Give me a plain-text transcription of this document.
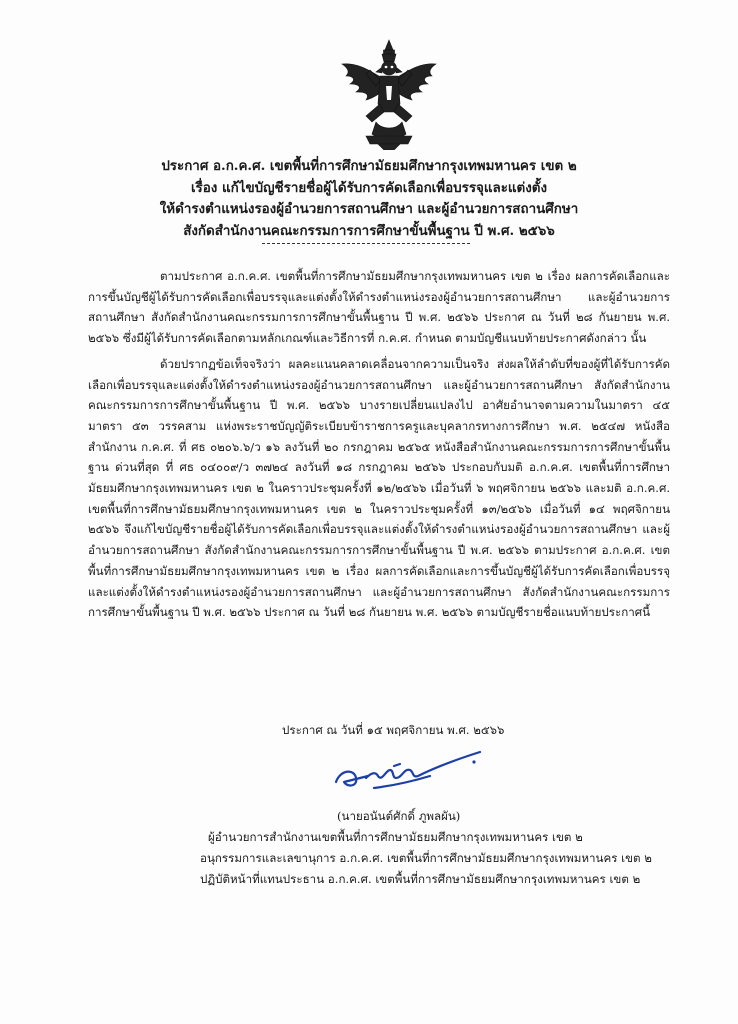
ประกาศ อ.ก.ค.ศ. เขตพื้นที่การศึกษามัธยมศึกษากรุงเทพมหานคร เขต ๒
เรื่อง แก้ไขบัญชีรายชื่อผู้ได้รับการคัดเลือกเพื่อบรรจุและแต่งตั้ง
ให้ดำรงตำแหน่งรองผู้อำนวยการสถานศึกษา และผู้อำนวยการสถานศึกษา
สังกัดสำนักงานคณะกรรมการการศึกษาขั้นพื้นฐาน ปี พ.ศ. ๒๕๖๖

ตามประกาศ อ.ก.ค.ศ. เขตพื้นที่การศึกษามัธยมศึกษากรุงเทพมหานคร เขต ๒ เรื่อง ผลการคัดเลือกและการขึ้นบัญชีผู้ได้รับการคัดเลือกเพื่อบรรจุและแต่งตั้งให้ดำรงตำแหน่งรองผู้อำนวยการสถานศึกษา และผู้อำนวยการสถานศึกษา สังกัดสำนักงานคณะกรรมการการศึกษาขั้นพื้นฐาน ปี พ.ศ. ๒๕๖๖ ประกาศ ณ วันที่ ๒๘ กันยายน พ.ศ. ๒๕๖๖ ซึ่งมีผู้ได้รับการคัดเลือกตามหลักเกณฑ์และวิธีการที่ ก.ค.ศ. กำหนด ตามบัญชีแนบท้ายประกาศดังกล่าว นั้น

ด้วยปรากฏข้อเท็จจริงว่า ผลคะแนนคลาดเคลื่อนจากความเป็นจริง ส่งผลให้ลำดับที่ของผู้ที่ได้รับการคัดเลือกเพื่อบรรจุและแต่งตั้งให้ดำรงตำแหน่งรองผู้อำนวยการสถานศึกษา และผู้อำนวยการสถานศึกษา สังกัดสำนักงานคณะกรรมการการศึกษาขั้นพื้นฐาน ปี พ.ศ. ๒๕๖๖ บางรายเปลี่ยนแปลงไป อาศัยอำนาจตามความในมาตรา ๔๕ มาตรา ๕๓ วรรคสาม แห่งพระราชบัญญัติระเบียบข้าราชการครูและบุคลากรทางการศึกษา พ.ศ. ๒๕๔๗ หนังสือสำนักงาน ก.ค.ศ. ที่ ศธ ๐๒๐๖.๖/ว ๑๖ ลงวันที่ ๒๐ กรกฎาคม ๒๕๖๕ หนังสือสำนักงานคณะกรรมการการศึกษาขั้นพื้นฐาน ด่วนที่สุด ที่ ศธ ๐๔๐๐๙/ว ๓๗๒๔ ลงวันที่ ๑๘ กรกฎาคม ๒๕๖๖ ประกอบกับมติ อ.ก.ค.ศ. เขตพื้นที่การศึกษามัธยมศึกษากรุงเทพมหานคร เขต ๒ ในคราวประชุมครั้งที่ ๑๒/๒๕๖๖ เมื่อวันที่ ๖ พฤศจิกายน ๒๕๖๖ และมติ อ.ก.ค.ศ. เขตพื้นที่การศึกษามัธยมศึกษากรุงเทพมหานคร เขต ๒ ในคราวประชุมครั้งที่ ๑๓/๒๕๖๖ เมื่อวันที่ ๑๔ พฤศจิกายน ๒๕๖๖ จึงแก้ไขบัญชีรายชื่อผู้ได้รับการคัดเลือกเพื่อบรรจุและแต่งตั้งให้ดำรงตำแหน่งรองผู้อำนวยการสถานศึกษา และผู้อำนวยการสถานศึกษา สังกัดสำนักงานคณะกรรมการการศึกษาขั้นพื้นฐาน ปี พ.ศ. ๒๕๖๖ ตามประกาศ อ.ก.ค.ศ. เขตพื้นที่การศึกษามัธยมศึกษากรุงเทพมหานคร เขต ๒ เรื่อง ผลการคัดเลือกและการขึ้นบัญชีผู้ได้รับการคัดเลือกเพื่อบรรจุและแต่งตั้งให้ดำรงตำแหน่งรองผู้อำนวยการสถานศึกษา และผู้อำนวยการสถานศึกษา สังกัดสำนักงานคณะกรรมการการศึกษาขั้นพื้นฐาน ปี พ.ศ. ๒๕๖๖ ประกาศ ณ วันที่ ๒๘ กันยายน พ.ศ. ๒๕๖๖ ตามบัญชีรายชื่อแนบท้ายประกาศนี้

ประกาศ ณ วันที่ ๑๕ พฤศจิกายน พ.ศ. ๒๕๖๖
(นายอนันต์ศักดิ์ ภูพลผัน)
ผู้อำนวยการสำนักงานเขตพื้นที่การศึกษามัธยมศึกษากรุงเทพมหานคร เขต ๒
อนุกรรมการและเลขานุการ อ.ก.ค.ศ. เขตพื้นที่การศึกษามัธยมศึกษากรุงเทพมหานคร เขต ๒
ปฏิบัติหน้าที่แทนประธาน อ.ก.ค.ศ. เขตพื้นที่การศึกษามัธยมศึกษากรุงเทพมหานคร เขต ๒
